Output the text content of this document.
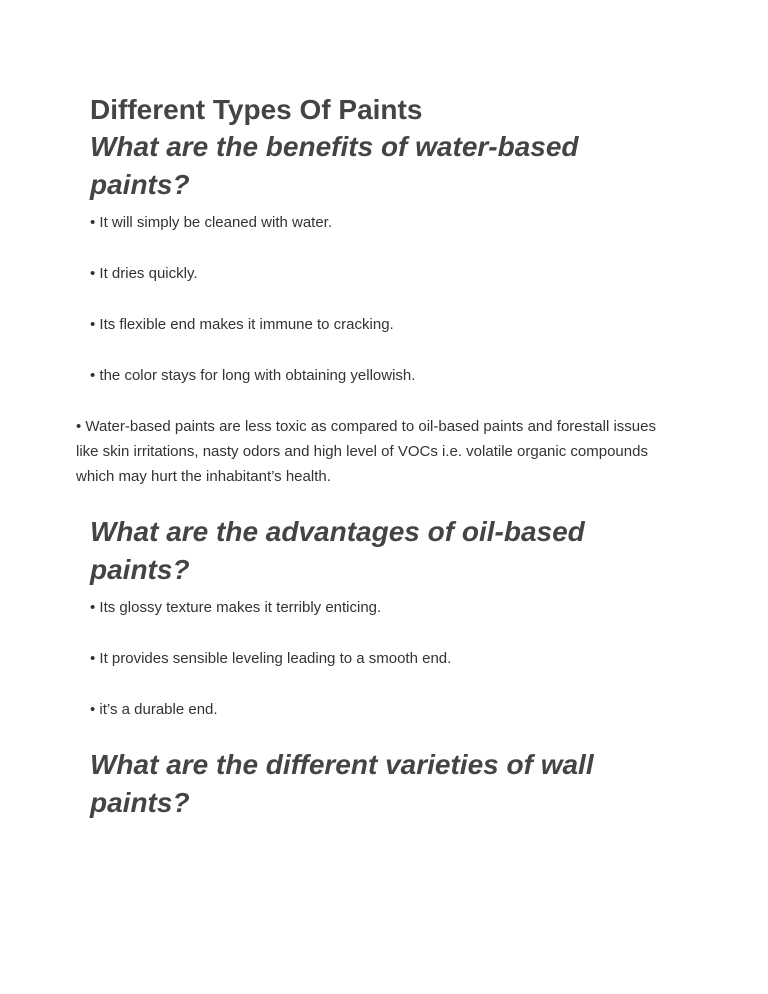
Different Types Of Paints
What are the benefits of water-based paints?

• It will simply be cleaned with water.

• It dries quickly.

• Its flexible end makes it immune to cracking.

• the color stays for long with obtaining yellowish.

• Water-based paints are less toxic as compared to oil-based paints and forestall issues like skin irritations, nasty odors and high level of VOCs i.e. volatile organic compounds which may hurt the inhabitant’s health.

What are the advantages of oil-based paints?

• Its glossy texture makes it terribly enticing.

• It provides sensible leveling leading to a smooth end.

• it’s a durable end.

What are the different varieties of wall paints?
